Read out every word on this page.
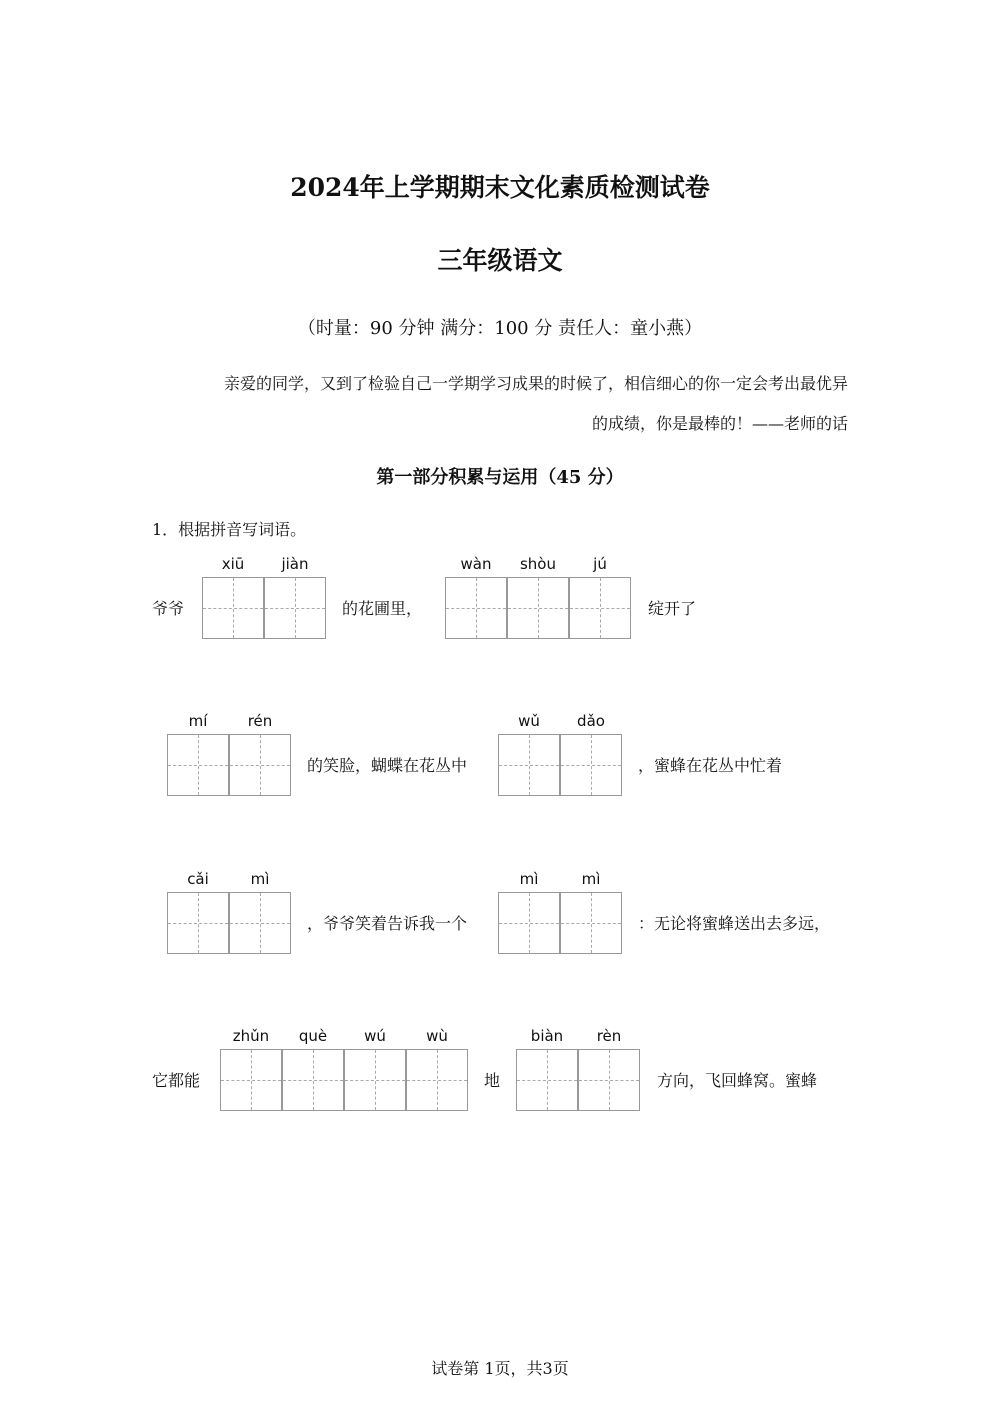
2024年上学期期末文化素质检测试卷
三年级语文
（时量：90 分钟 满分：100 分 责任人：童小燕）
亲爱的同学，又到了检验自己一学期学习成果的时候了，相信细心的你一定会考出最优异
的成绩，你是最棒的！——老师的话
第一部分积累与运用（45 分）
1．根据拼音写词语。
爷爷
xiū	jiàn
的花圃里，
wàn	shòu	jú
绽开了
mí	rén
的笑脸，蝴蝶在花丛中
wǔ	dǎo
，蜜蜂在花丛中忙着
cǎi	mì
，爷爷笑着告诉我一个
mì	mì
：无论将蜜蜂送出去多远，
它都能
zhǔn	què	wú	wù
地
biàn	rèn
方向，飞回蜂窝。蜜蜂
试卷第 1页，共3页
